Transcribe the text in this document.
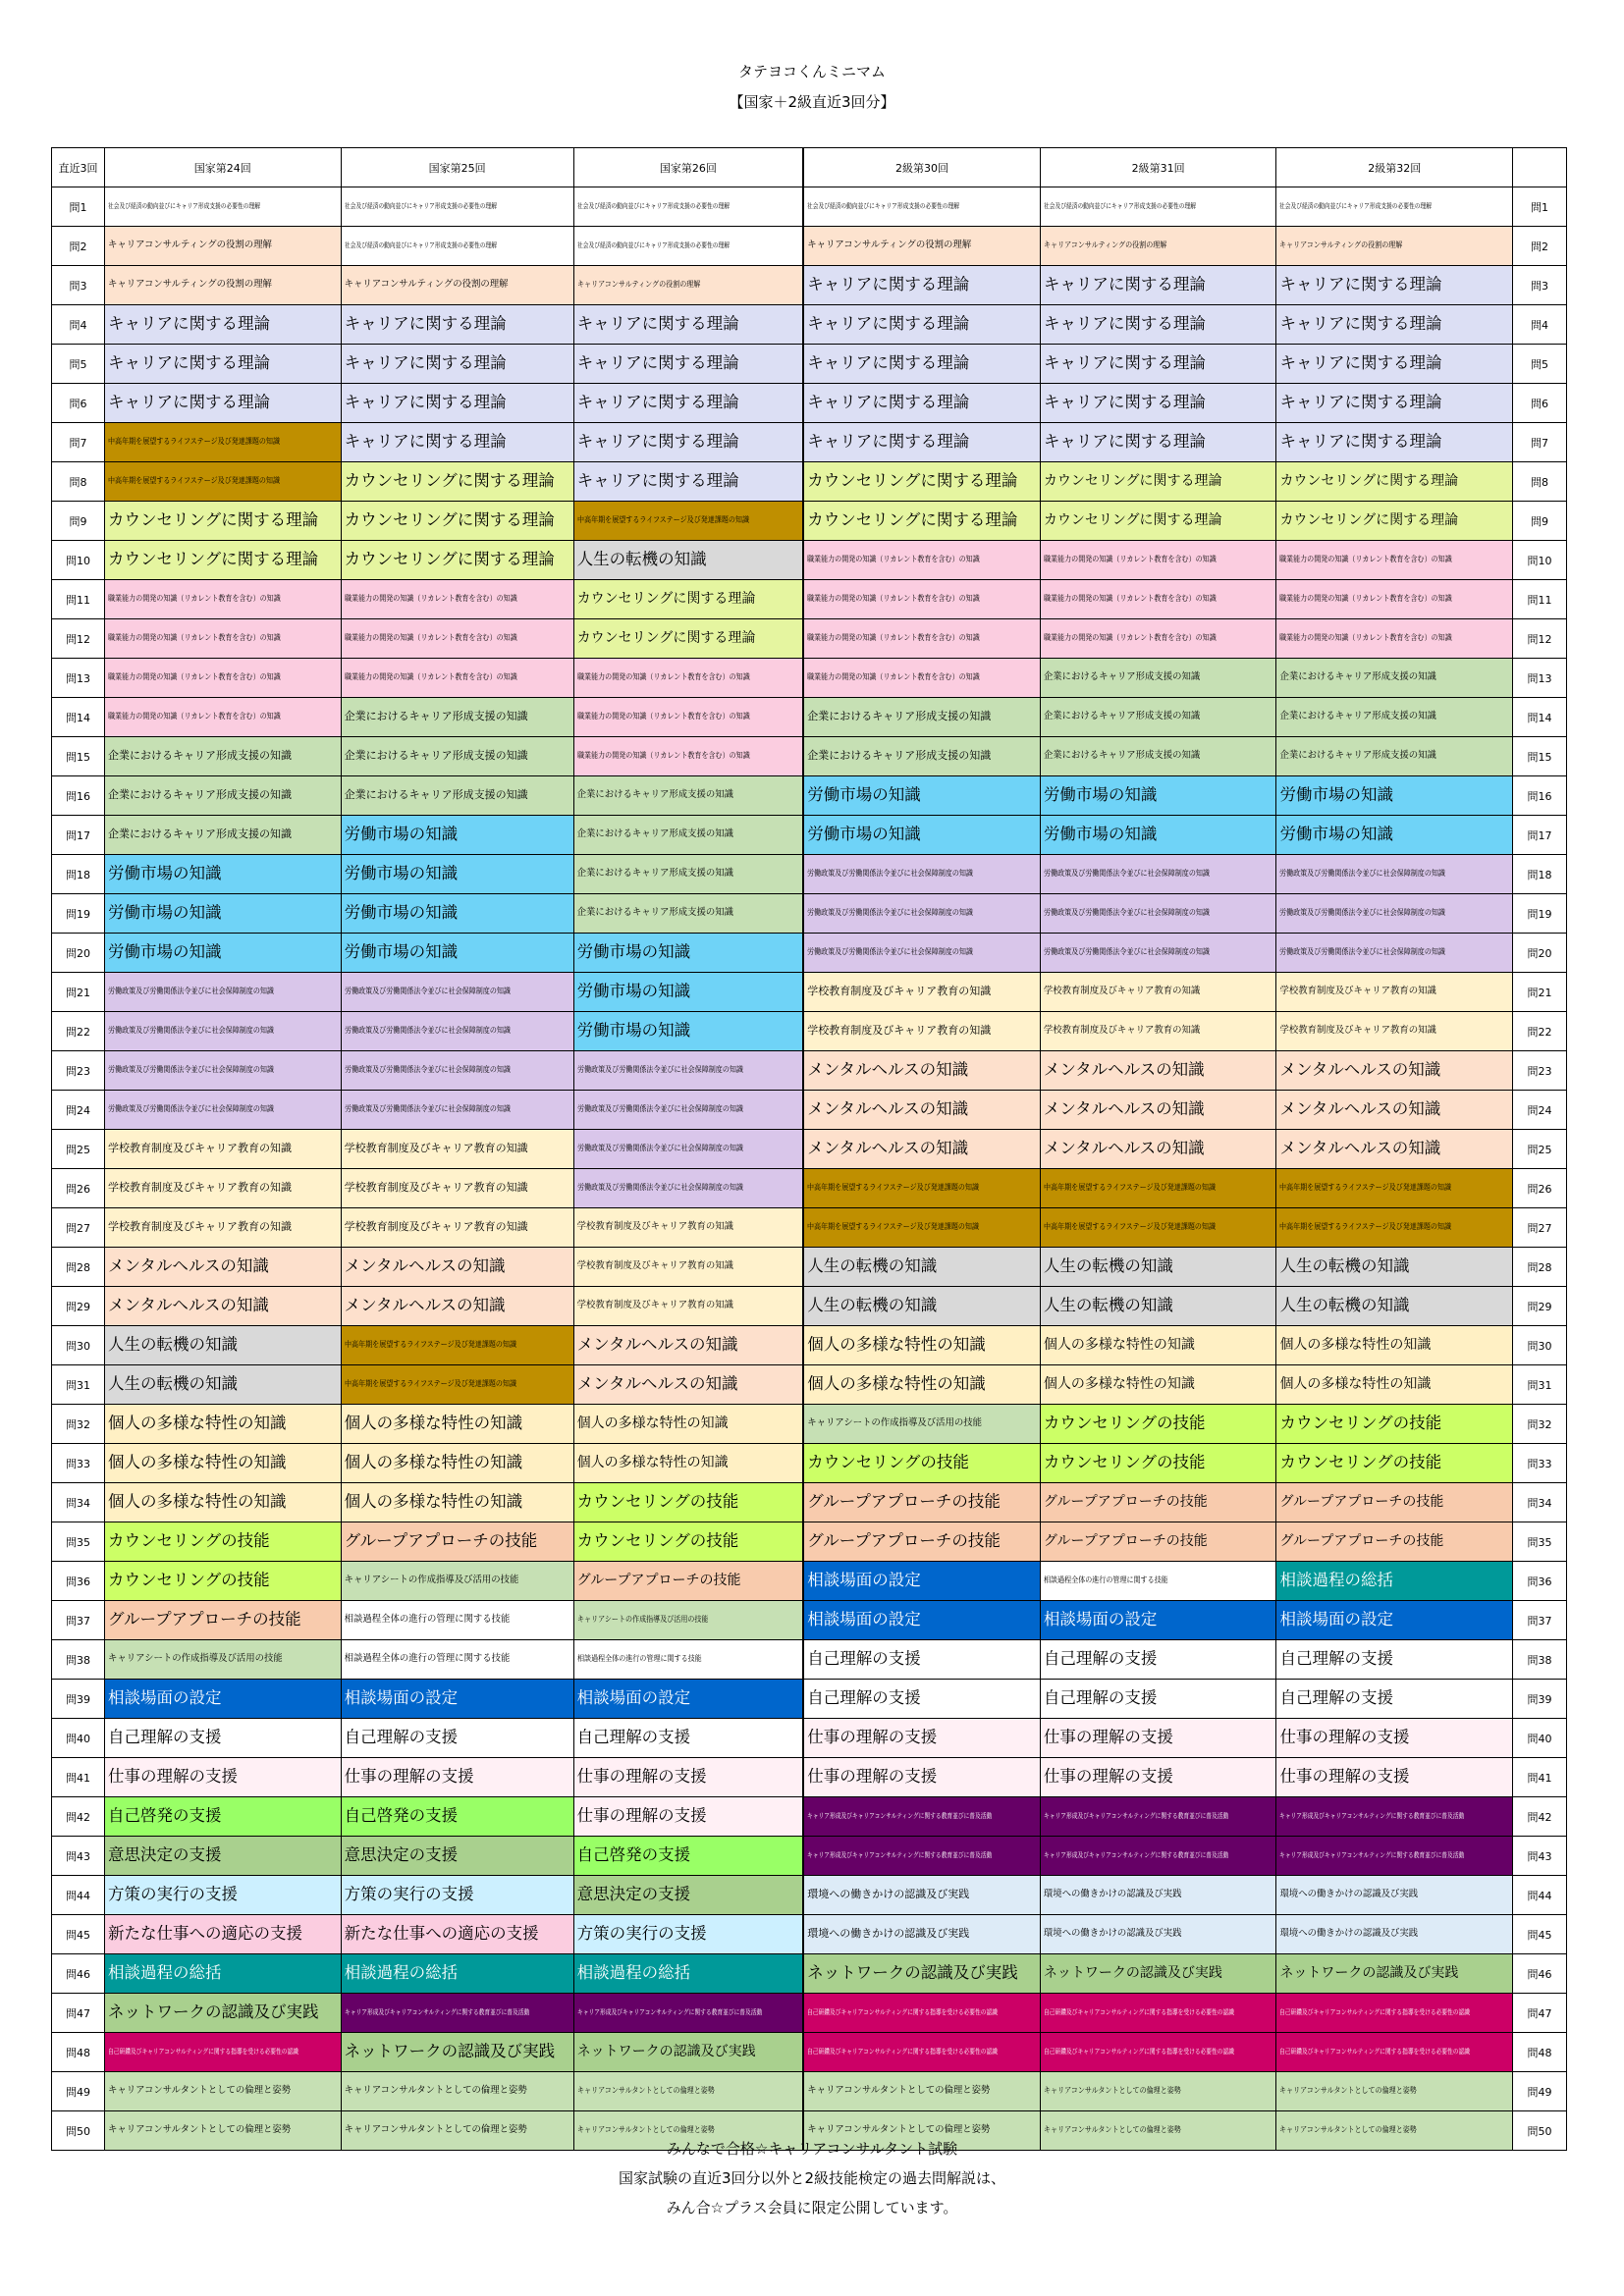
タテヨコくんミニマム
【国家＋2級直近3回分】
直近3回	国家第24回	国家第25回	国家第26回	2級第30回	2級第31回	2級第32回	
問1	社会及び経済の動向並びにキャリア形成支援の必要性の理解	社会及び経済の動向並びにキャリア形成支援の必要性の理解	社会及び経済の動向並びにキャリア形成支援の必要性の理解	社会及び経済の動向並びにキャリア形成支援の必要性の理解	社会及び経済の動向並びにキャリア形成支援の必要性の理解	社会及び経済の動向並びにキャリア形成支援の必要性の理解	問1
問2	キャリアコンサルティングの役割の理解	社会及び経済の動向並びにキャリア形成支援の必要性の理解	社会及び経済の動向並びにキャリア形成支援の必要性の理解	キャリアコンサルティングの役割の理解	キャリアコンサルティングの役割の理解	キャリアコンサルティングの役割の理解	問2
問3	キャリアコンサルティングの役割の理解	キャリアコンサルティングの役割の理解	キャリアコンサルティングの役割の理解	キャリアに関する理論	キャリアに関する理論	キャリアに関する理論	問3
問4	キャリアに関する理論	キャリアに関する理論	キャリアに関する理論	キャリアに関する理論	キャリアに関する理論	キャリアに関する理論	問4
問5	キャリアに関する理論	キャリアに関する理論	キャリアに関する理論	キャリアに関する理論	キャリアに関する理論	キャリアに関する理論	問5
問6	キャリアに関する理論	キャリアに関する理論	キャリアに関する理論	キャリアに関する理論	キャリアに関する理論	キャリアに関する理論	問6
問7	中高年期を展望するライフステージ及び発達課題の知識	キャリアに関する理論	キャリアに関する理論	キャリアに関する理論	キャリアに関する理論	キャリアに関する理論	問7
問8	中高年期を展望するライフステージ及び発達課題の知識	カウンセリングに関する理論	キャリアに関する理論	カウンセリングに関する理論	カウンセリングに関する理論	カウンセリングに関する理論	問8
問9	カウンセリングに関する理論	カウンセリングに関する理論	中高年期を展望するライフステージ及び発達課題の知識	カウンセリングに関する理論	カウンセリングに関する理論	カウンセリングに関する理論	問9
問10	カウンセリングに関する理論	カウンセリングに関する理論	人生の転機の知識	職業能力の開発の知識（リカレント教育を含む）の知識	職業能力の開発の知識（リカレント教育を含む）の知識	職業能力の開発の知識（リカレント教育を含む）の知識	問10
問11	職業能力の開発の知識（リカレント教育を含む）の知識	職業能力の開発の知識（リカレント教育を含む）の知識	カウンセリングに関する理論	職業能力の開発の知識（リカレント教育を含む）の知識	職業能力の開発の知識（リカレント教育を含む）の知識	職業能力の開発の知識（リカレント教育を含む）の知識	問11
問12	職業能力の開発の知識（リカレント教育を含む）の知識	職業能力の開発の知識（リカレント教育を含む）の知識	カウンセリングに関する理論	職業能力の開発の知識（リカレント教育を含む）の知識	職業能力の開発の知識（リカレント教育を含む）の知識	職業能力の開発の知識（リカレント教育を含む）の知識	問12
問13	職業能力の開発の知識（リカレント教育を含む）の知識	職業能力の開発の知識（リカレント教育を含む）の知識	職業能力の開発の知識（リカレント教育を含む）の知識	職業能力の開発の知識（リカレント教育を含む）の知識	企業におけるキャリア形成支援の知識	企業におけるキャリア形成支援の知識	問13
問14	職業能力の開発の知識（リカレント教育を含む）の知識	企業におけるキャリア形成支援の知識	職業能力の開発の知識（リカレント教育を含む）の知識	企業におけるキャリア形成支援の知識	企業におけるキャリア形成支援の知識	企業におけるキャリア形成支援の知識	問14
問15	企業におけるキャリア形成支援の知識	企業におけるキャリア形成支援の知識	職業能力の開発の知識（リカレント教育を含む）の知識	企業におけるキャリア形成支援の知識	企業におけるキャリア形成支援の知識	企業におけるキャリア形成支援の知識	問15
問16	企業におけるキャリア形成支援の知識	企業におけるキャリア形成支援の知識	企業におけるキャリア形成支援の知識	労働市場の知識	労働市場の知識	労働市場の知識	問16
問17	企業におけるキャリア形成支援の知識	労働市場の知識	企業におけるキャリア形成支援の知識	労働市場の知識	労働市場の知識	労働市場の知識	問17
問18	労働市場の知識	労働市場の知識	企業におけるキャリア形成支援の知識	労働政策及び労働関係法令並びに社会保障制度の知識	労働政策及び労働関係法令並びに社会保障制度の知識	労働政策及び労働関係法令並びに社会保障制度の知識	問18
問19	労働市場の知識	労働市場の知識	企業におけるキャリア形成支援の知識	労働政策及び労働関係法令並びに社会保障制度の知識	労働政策及び労働関係法令並びに社会保障制度の知識	労働政策及び労働関係法令並びに社会保障制度の知識	問19
問20	労働市場の知識	労働市場の知識	労働市場の知識	労働政策及び労働関係法令並びに社会保障制度の知識	労働政策及び労働関係法令並びに社会保障制度の知識	労働政策及び労働関係法令並びに社会保障制度の知識	問20
問21	労働政策及び労働関係法令並びに社会保障制度の知識	労働政策及び労働関係法令並びに社会保障制度の知識	労働市場の知識	学校教育制度及びキャリア教育の知識	学校教育制度及びキャリア教育の知識	学校教育制度及びキャリア教育の知識	問21
問22	労働政策及び労働関係法令並びに社会保障制度の知識	労働政策及び労働関係法令並びに社会保障制度の知識	労働市場の知識	学校教育制度及びキャリア教育の知識	学校教育制度及びキャリア教育の知識	学校教育制度及びキャリア教育の知識	問22
問23	労働政策及び労働関係法令並びに社会保障制度の知識	労働政策及び労働関係法令並びに社会保障制度の知識	労働政策及び労働関係法令並びに社会保障制度の知識	メンタルヘルスの知識	メンタルヘルスの知識	メンタルヘルスの知識	問23
問24	労働政策及び労働関係法令並びに社会保障制度の知識	労働政策及び労働関係法令並びに社会保障制度の知識	労働政策及び労働関係法令並びに社会保障制度の知識	メンタルヘルスの知識	メンタルヘルスの知識	メンタルヘルスの知識	問24
問25	学校教育制度及びキャリア教育の知識	学校教育制度及びキャリア教育の知識	労働政策及び労働関係法令並びに社会保障制度の知識	メンタルヘルスの知識	メンタルヘルスの知識	メンタルヘルスの知識	問25
問26	学校教育制度及びキャリア教育の知識	学校教育制度及びキャリア教育の知識	労働政策及び労働関係法令並びに社会保障制度の知識	中高年期を展望するライフステージ及び発達課題の知識	中高年期を展望するライフステージ及び発達課題の知識	中高年期を展望するライフステージ及び発達課題の知識	問26
問27	学校教育制度及びキャリア教育の知識	学校教育制度及びキャリア教育の知識	学校教育制度及びキャリア教育の知識	中高年期を展望するライフステージ及び発達課題の知識	中高年期を展望するライフステージ及び発達課題の知識	中高年期を展望するライフステージ及び発達課題の知識	問27
問28	メンタルヘルスの知識	メンタルヘルスの知識	学校教育制度及びキャリア教育の知識	人生の転機の知識	人生の転機の知識	人生の転機の知識	問28
問29	メンタルヘルスの知識	メンタルヘルスの知識	学校教育制度及びキャリア教育の知識	人生の転機の知識	人生の転機の知識	人生の転機の知識	問29
問30	人生の転機の知識	中高年期を展望するライフステージ及び発達課題の知識	メンタルヘルスの知識	個人の多様な特性の知識	個人の多様な特性の知識	個人の多様な特性の知識	問30
問31	人生の転機の知識	中高年期を展望するライフステージ及び発達課題の知識	メンタルヘルスの知識	個人の多様な特性の知識	個人の多様な特性の知識	個人の多様な特性の知識	問31
問32	個人の多様な特性の知識	個人の多様な特性の知識	個人の多様な特性の知識	キャリアシートの作成指導及び活用の技能	カウンセリングの技能	カウンセリングの技能	問32
問33	個人の多様な特性の知識	個人の多様な特性の知識	個人の多様な特性の知識	カウンセリングの技能	カウンセリングの技能	カウンセリングの技能	問33
問34	個人の多様な特性の知識	個人の多様な特性の知識	カウンセリングの技能	グループアプローチの技能	グループアプローチの技能	グループアプローチの技能	問34
問35	カウンセリングの技能	グループアプローチの技能	カウンセリングの技能	グループアプローチの技能	グループアプローチの技能	グループアプローチの技能	問35
問36	カウンセリングの技能	キャリアシートの作成指導及び活用の技能	グループアプローチの技能	相談場面の設定	相談過程全体の進行の管理に関する技能	相談過程の総括	問36
問37	グループアプローチの技能	相談過程全体の進行の管理に関する技能	キャリアシートの作成指導及び活用の技能	相談場面の設定	相談場面の設定	相談場面の設定	問37
問38	キャリアシートの作成指導及び活用の技能	相談過程全体の進行の管理に関する技能	相談過程全体の進行の管理に関する技能	自己理解の支援	自己理解の支援	自己理解の支援	問38
問39	相談場面の設定	相談場面の設定	相談場面の設定	自己理解の支援	自己理解の支援	自己理解の支援	問39
問40	自己理解の支援	自己理解の支援	自己理解の支援	仕事の理解の支援	仕事の理解の支援	仕事の理解の支援	問40
問41	仕事の理解の支援	仕事の理解の支援	仕事の理解の支援	仕事の理解の支援	仕事の理解の支援	仕事の理解の支援	問41
問42	自己啓発の支援	自己啓発の支援	仕事の理解の支援	キャリア形成及びキャリアコンサルティングに関する教育並びに普及活動	キャリア形成及びキャリアコンサルティングに関する教育並びに普及活動	キャリア形成及びキャリアコンサルティングに関する教育並びに普及活動	問42
問43	意思決定の支援	意思決定の支援	自己啓発の支援	キャリア形成及びキャリアコンサルティングに関する教育並びに普及活動	キャリア形成及びキャリアコンサルティングに関する教育並びに普及活動	キャリア形成及びキャリアコンサルティングに関する教育並びに普及活動	問43
問44	方策の実行の支援	方策の実行の支援	意思決定の支援	環境への働きかけの認識及び実践	環境への働きかけの認識及び実践	環境への働きかけの認識及び実践	問44
問45	新たな仕事への適応の支援	新たな仕事への適応の支援	方策の実行の支援	環境への働きかけの認識及び実践	環境への働きかけの認識及び実践	環境への働きかけの認識及び実践	問45
問46	相談過程の総括	相談過程の総括	相談過程の総括	ネットワークの認識及び実践	ネットワークの認識及び実践	ネットワークの認識及び実践	問46
問47	ネットワークの認識及び実践	キャリア形成及びキャリアコンサルティングに関する教育並びに普及活動	キャリア形成及びキャリアコンサルティングに関する教育並びに普及活動	自己研鑽及びキャリアコンサルティングに関する指導を受ける必要性の認識	自己研鑽及びキャリアコンサルティングに関する指導を受ける必要性の認識	自己研鑽及びキャリアコンサルティングに関する指導を受ける必要性の認識	問47
問48	自己研鑽及びキャリアコンサルティングに関する指導を受ける必要性の認識	ネットワークの認識及び実践	ネットワークの認識及び実践	自己研鑽及びキャリアコンサルティングに関する指導を受ける必要性の認識	自己研鑽及びキャリアコンサルティングに関する指導を受ける必要性の認識	自己研鑽及びキャリアコンサルティングに関する指導を受ける必要性の認識	問48
問49	キャリアコンサルタントとしての倫理と姿勢	キャリアコンサルタントとしての倫理と姿勢	キャリアコンサルタントとしての倫理と姿勢	キャリアコンサルタントとしての倫理と姿勢	キャリアコンサルタントとしての倫理と姿勢	キャリアコンサルタントとしての倫理と姿勢	問49
問50	キャリアコンサルタントとしての倫理と姿勢	キャリアコンサルタントとしての倫理と姿勢	キャリアコンサルタントとしての倫理と姿勢	キャリアコンサルタントとしての倫理と姿勢	キャリアコンサルタントとしての倫理と姿勢	キャリアコンサルタントとしての倫理と姿勢	問50
みんなで合格☆キャリアコンサルタント試験
国家試験の直近3回分以外と2級技能検定の過去問解説は、
みん合☆プラス会員に限定公開しています。
